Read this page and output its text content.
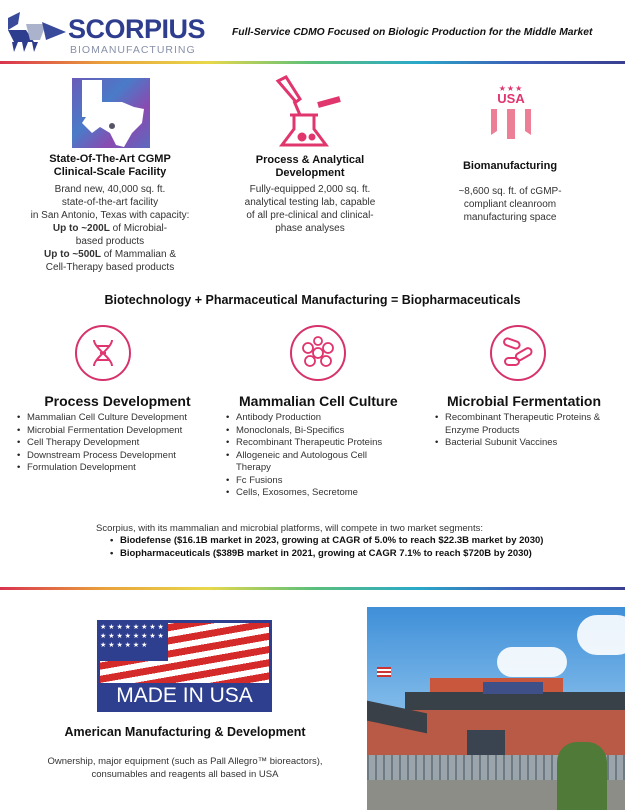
SCORPIUS
BIOMANUFACTURING
Full-Service CDMO Focused on Biologic Production for the Middle Market
State-Of-The-Art CGMP Clinical-Scale Facility
Brand new, 40,000 sq. ft.
state-of-the-art facility
in San Antonio, Texas with capacity:
Up to ~200L of Microbial-based products
Up to ~500L of Mammalian & Cell-Therapy based products
Process & Analytical Development
Fully-equipped 2,000 sq. ft. analytical testing lab, capable of all pre-clinical and clinical-phase analyses
★★★
USA
Biomanufacturing
~8,600 sq. ft. of cGMP-compliant cleanroom manufacturing space
Biotechnology + Pharmaceutical Manufacturing = Biopharmaceuticals
Process Development
• Mammalian Cell Culture Development
• Microbial Fermentation Development
• Cell Therapy Development
• Downstream Process Development
• Formulation Development
Mammalian Cell Culture
• Antibody Production
• Monoclonals, Bi-Specifics
• Recombinant Therapeutic Proteins
• Allogeneic and Autologous Cell Therapy
• Fc Fusions
• Cells, Exosomes, Secretome
Microbial Fermentation
• Recombinant Therapeutic Proteins & Enzyme Products
• Bacterial Subunit Vaccines
Scorpius, with its mammalian and microbial platforms, will compete in two market segments:
• Biodefense ($16.1B market in 2023, growing at CAGR of 5.0% to reach $22.3B market by 2030)
• Biopharmaceuticals ($389B market in 2021, growing at CAGR 7.1% to reach $720B by 2030)
★ ★ ★ ★ ★ ★ ★ ★ ★ ★ ★ ★ ★ ★ ★ ★ ★ ★ ★ ★ ★ ★
MADE IN USA
American Manufacturing & Development
Ownership, major equipment (such as Pall Allegro™ bioreactors), consumables and reagents all based in USA
